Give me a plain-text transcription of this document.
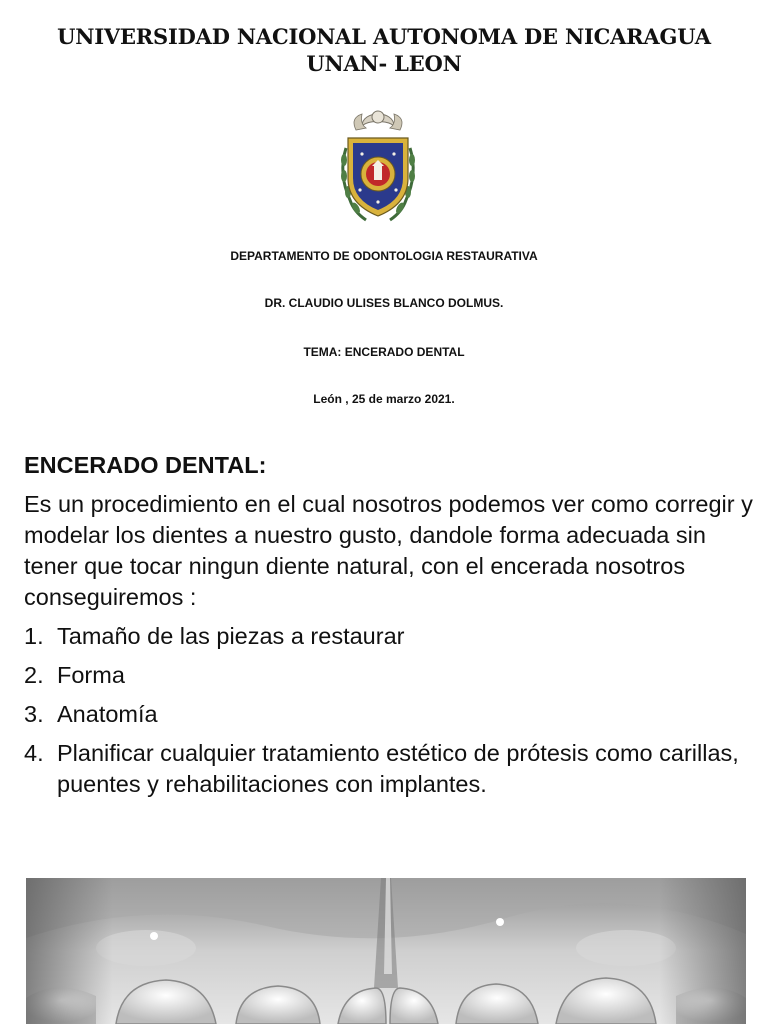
UNIVERSIDAD NACIONAL AUTONOMA DE NICARAGUA
UNAN- LEON
DEPARTAMENTO DE ODONTOLOGIA RESTAURATIVA
DR. CLAUDIO ULISES BLANCO DOLMUS.
TEMA: ENCERADO DENTAL
León , 25 de marzo 2021.
ENCERADO DENTAL:

Es un procedimiento en el cual nosotros podemos ver como corregir y modelar los dientes a nuestro gusto, dandole forma adecuada sin tener que tocar ningun diente natural, con el encerada nosotros conseguiremos :

1. Tamaño de las piezas a restaurar
2. Forma
3. Anatomía
4. Planificar cualquier tratamiento estético de prótesis como carillas, puentes y rehabilitaciones con implantes.
